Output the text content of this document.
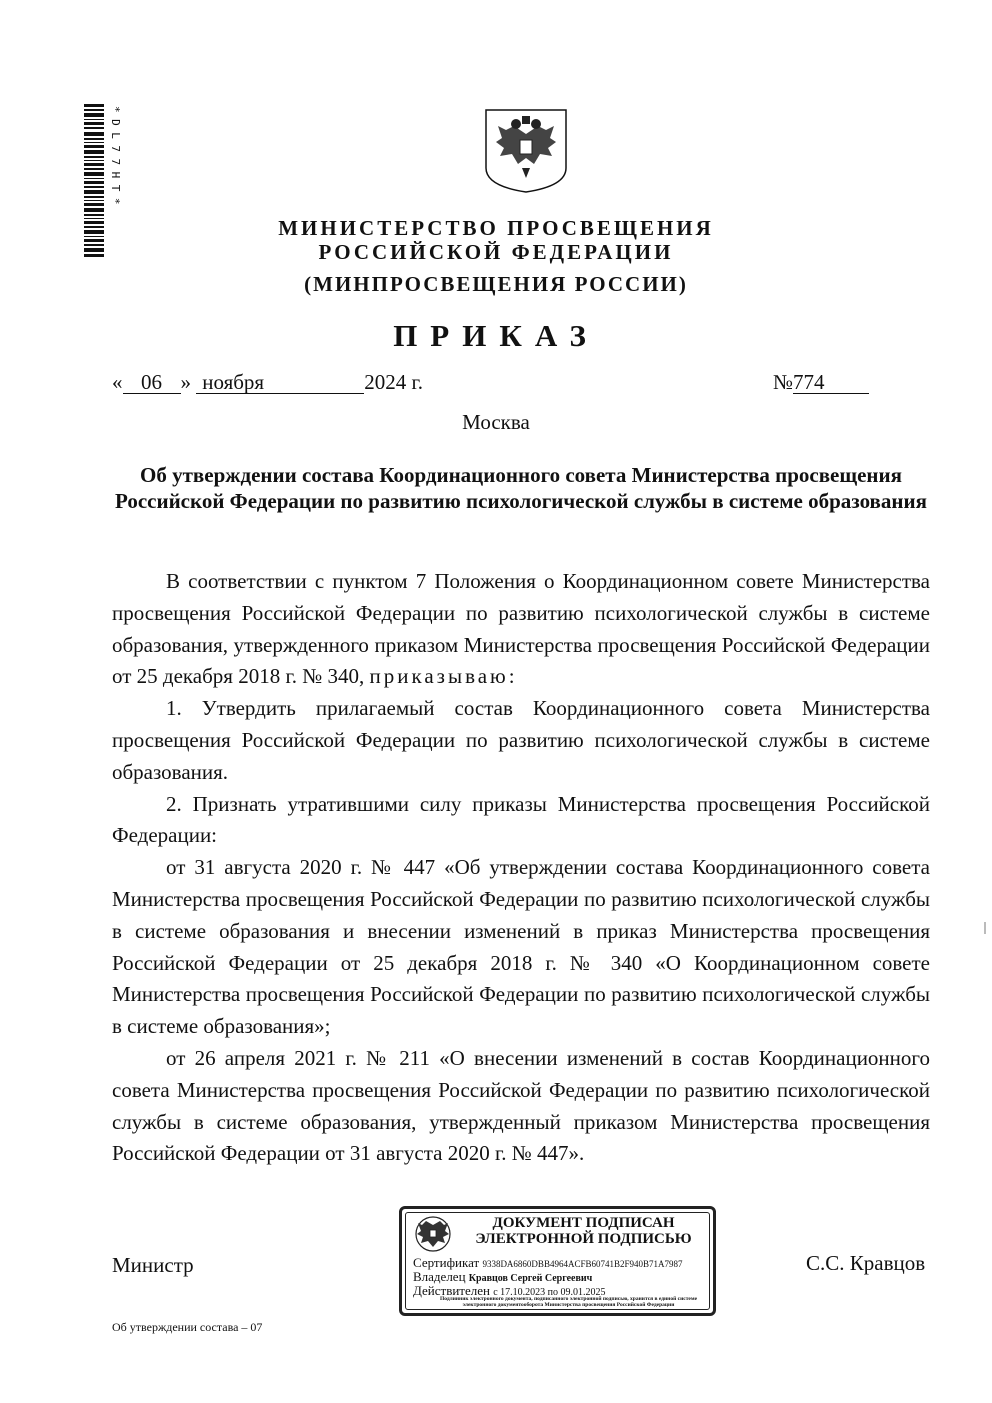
*DL77HT*
МИНИСТЕРСТВО ПРОСВЕЩЕНИЯ
РОССИЙСКОЙ ФЕДЕРАЦИИ
(МИНПРОСВЕЩЕНИЯ РОССИИ)
ПРИКАЗ
« 06 » ноября	2024 г.	№774
Москва
Об утверждении состава Координационного совета Министерства просвещения Российской Федерации по развитию психологической службы в системе образования

В соответствии с пунктом 7 Положения о Координационном совете Министерства просвещения Российской Федерации по развитию психологической службы в системе образования, утвержденного приказом Министерства просвещения Российской Федерации от 25 декабря 2018 г. № 340, приказываю:

1. Утвердить прилагаемый состав Координационного совета Министерства просвещения Российской Федерации по развитию психологической службы в системе образования.

2. Признать утратившими силу приказы Министерства просвещения Российской Федерации:

от 31 августа 2020 г. № 447 «Об утверждении состава Координационного совета Министерства просвещения Российской Федерации по развитию психологической службы в системе образования и внесении изменений в приказ Министерства просвещения Российской Федерации от 25 декабря 2018 г. № 340 «О Координационном совете Министерства просвещения Российской Федерации по развитию психологической службы в системе образования»;

от 26 апреля 2021 г. № 211 «О внесении изменений в состав Координационного совета Министерства просвещения Российской Федерации по развитию психологической службы в системе образования, утвержденный приказом Министерства просвещения Российской Федерации от 31 августа 2020 г. № 447».

Министр	С.С. Кравцов
ДОКУМЕНТ ПОДПИСАН
ЭЛЕКТРОННОЙ ПОДПИСЬЮ
Сертификат 9338DA6860DBB4964ACFB60741B2F940B71A7987
Владелец Кравцов Сергей Сергеевич
Действителен с 17.10.2023 по 09.01.2025
Подлинник электронного документа, подписанного электронной подписью, хранится в единой системе электронного документооборота Министерства просвещения Российской Федерации
Об утверждении состава – 07
